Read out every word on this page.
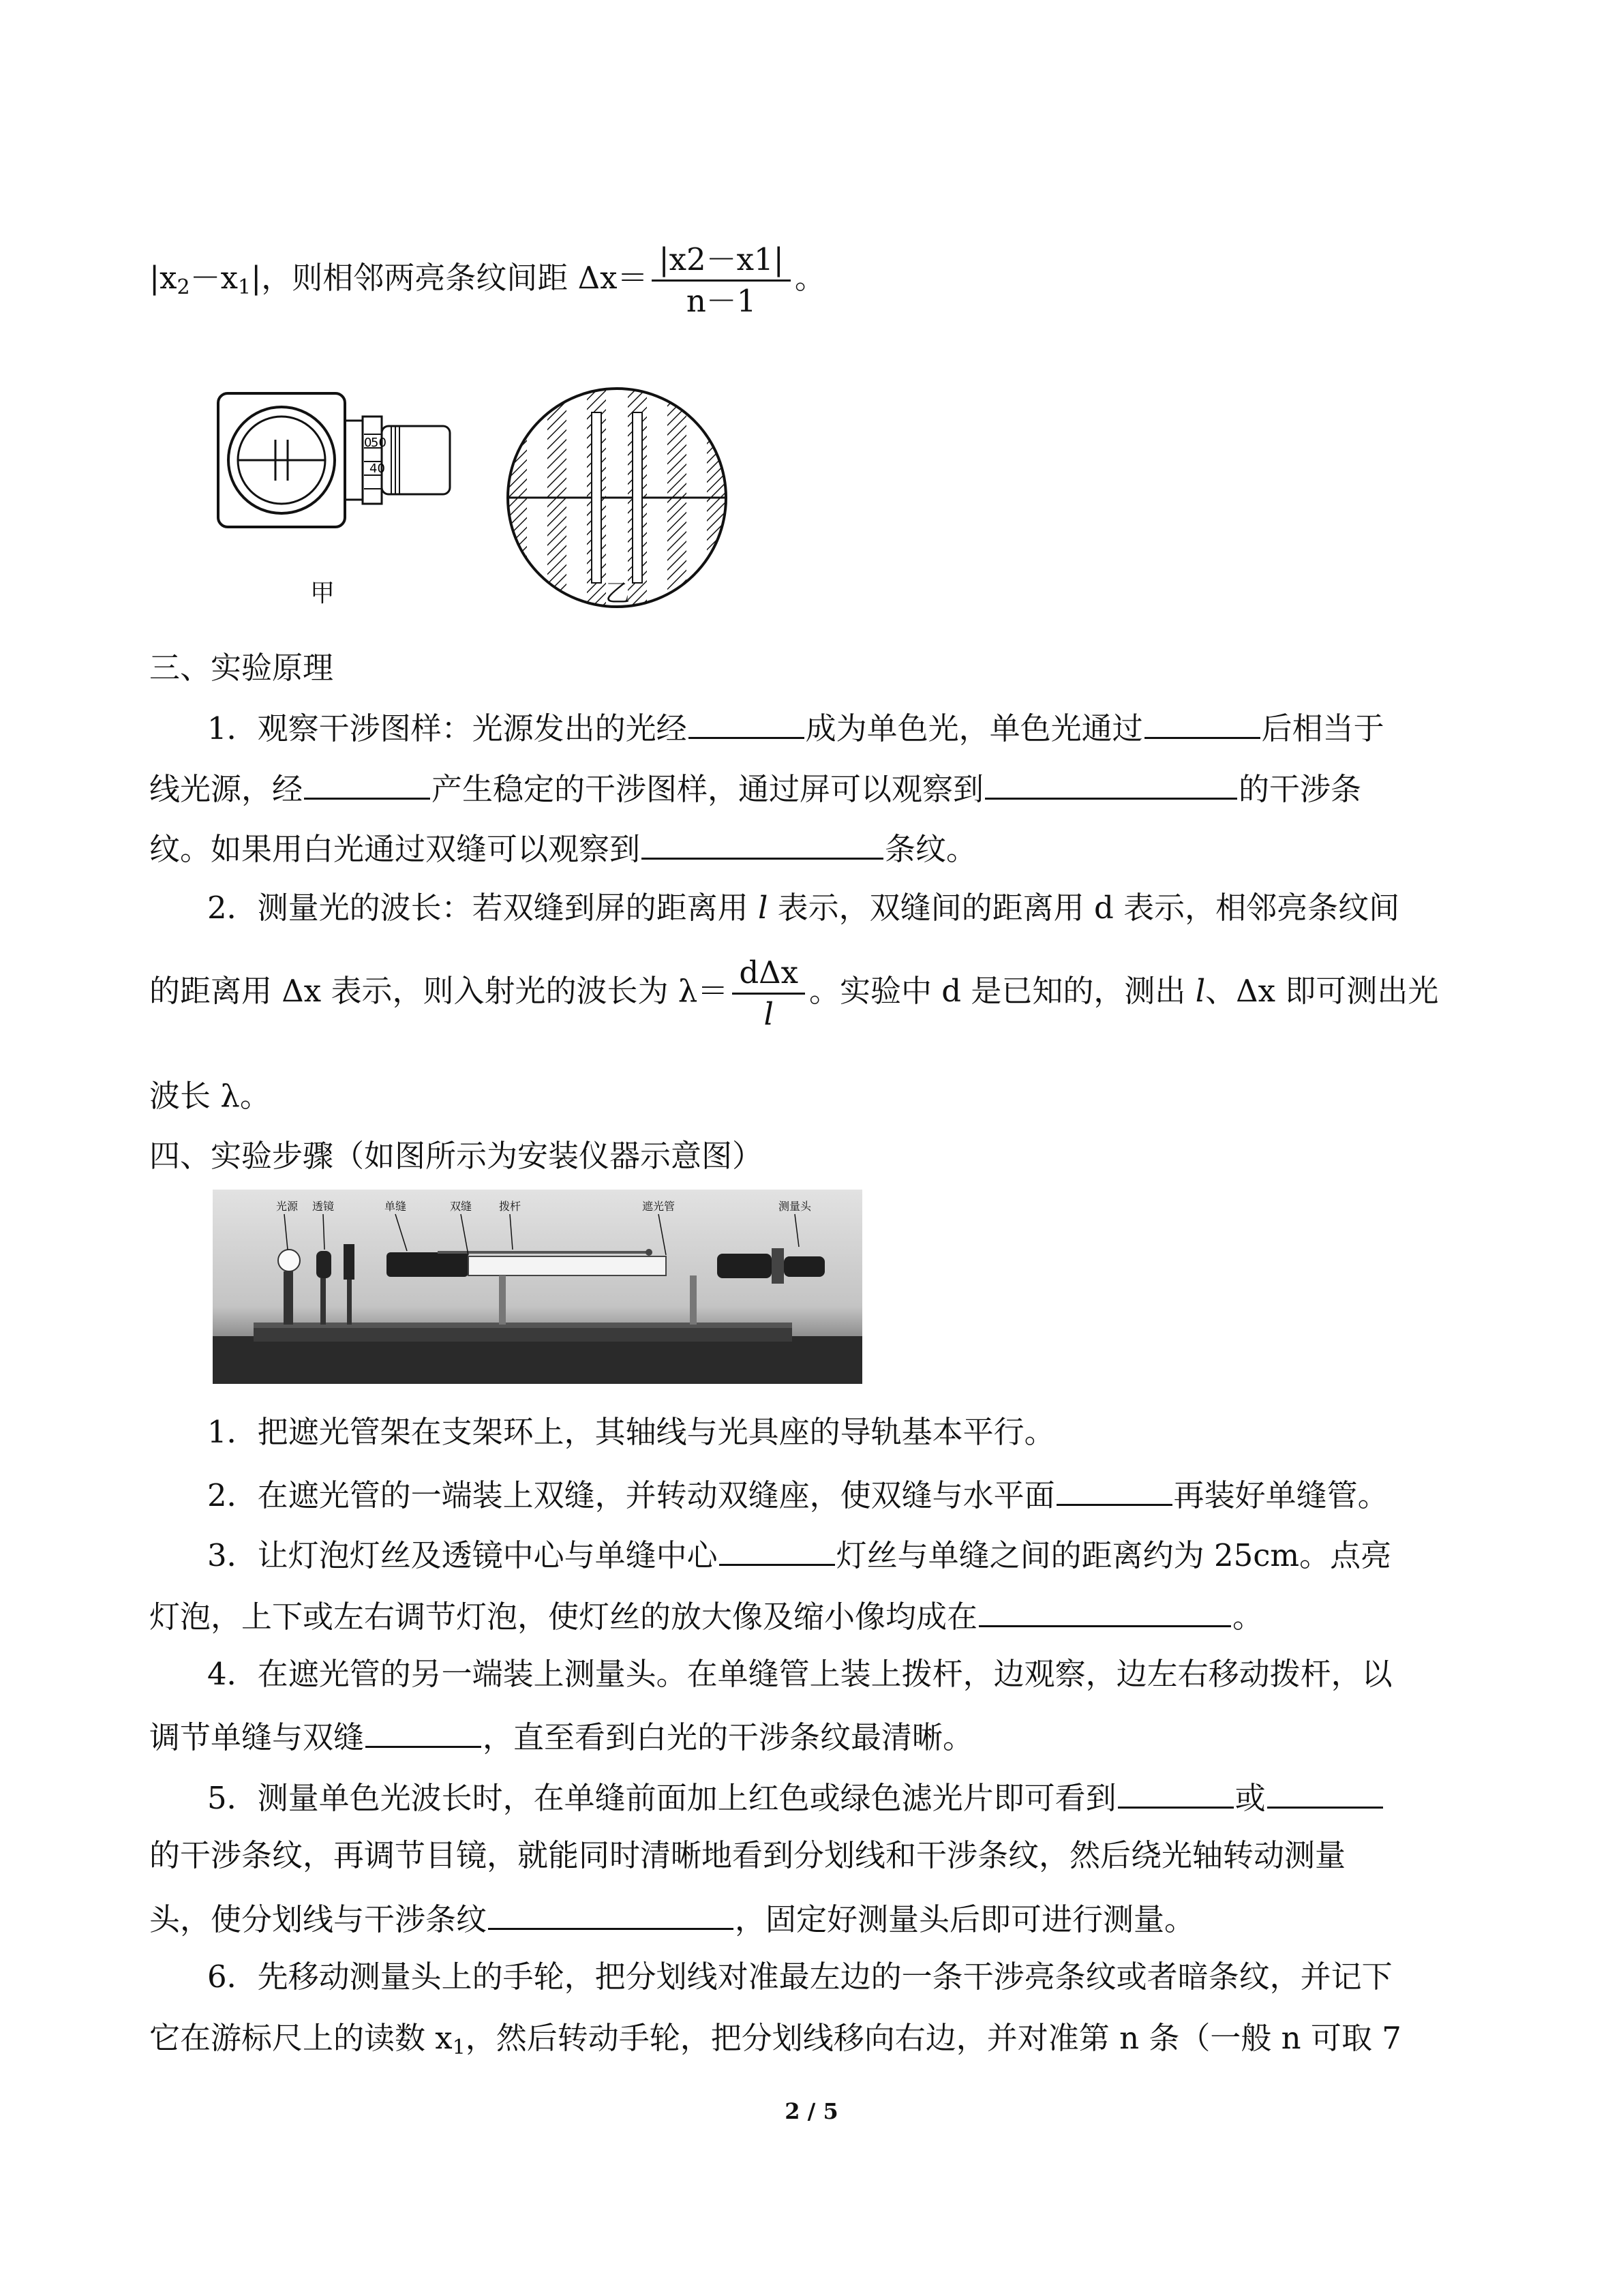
$|x_2-x_1|$，则相邻两亮条纹间距 $\Delta x= \frac{|x2-x1|}{n-1}$ 。
0
50
40
甲	乙
三、实验原理
1．观察干涉图样：光源发出的光经	成为单色光，单色光通过	后相当于
线光源，经	产生稳定的干涉图样，通过屏可以观察到	的干涉条
纹。如果用白光通过双缝可以观察到	条纹。
2．测量光的波长：若双缝到屏的距离用 l 表示，双缝间的距离用 d 表示，相邻亮条纹间
的距离用 Δx 表示，则入射光的波长为 $\lambda= \frac{\text{dΔx}}{l}$ 。实验中 d 是已知的，测出 l、Δx 即可测出光
波长 λ。
四、实验步骤（如图所示为安装仪器示意图）
光源 透镜	单缝	双缝 拨杆	遮光管	测量头
1．把遮光管架在支架环上，其轴线与光具座的导轨基本平行。
2．在遮光管的一端装上双缝，并转动双缝座，使双缝与水平面	再装好单缝管。
3．让灯泡灯丝及透镜中心与单缝中心	灯丝与单缝之间的距离约为 25cm。点亮
灯泡，上下或左右调节灯泡，使灯丝的放大像及缩小像均成在	。
4．在遮光管的另一端装上测量头。在单缝管上装上拨杆，边观察，边左右移动拨杆，以
调节单缝与双缝	，直至看到白光的干涉条纹最清晰。
5．测量单色光波长时，在单缝前面加上红色或绿色滤光片即可看到	或
的干涉条纹，再调节目镜，就能同时清晰地看到分划线和干涉条纹，然后绕光轴转动测量
头，使分划线与干涉条纹	，固定好测量头后即可进行测量。
6．先移动测量头上的手轮，把分划线对准最左边的一条干涉亮条纹或者暗条纹，并记下
它在游标尺上的读数 $x_1$，然后转动手轮，把分划线移向右边，并对准第 n 条（一般 n 可取 7
2 / 5
